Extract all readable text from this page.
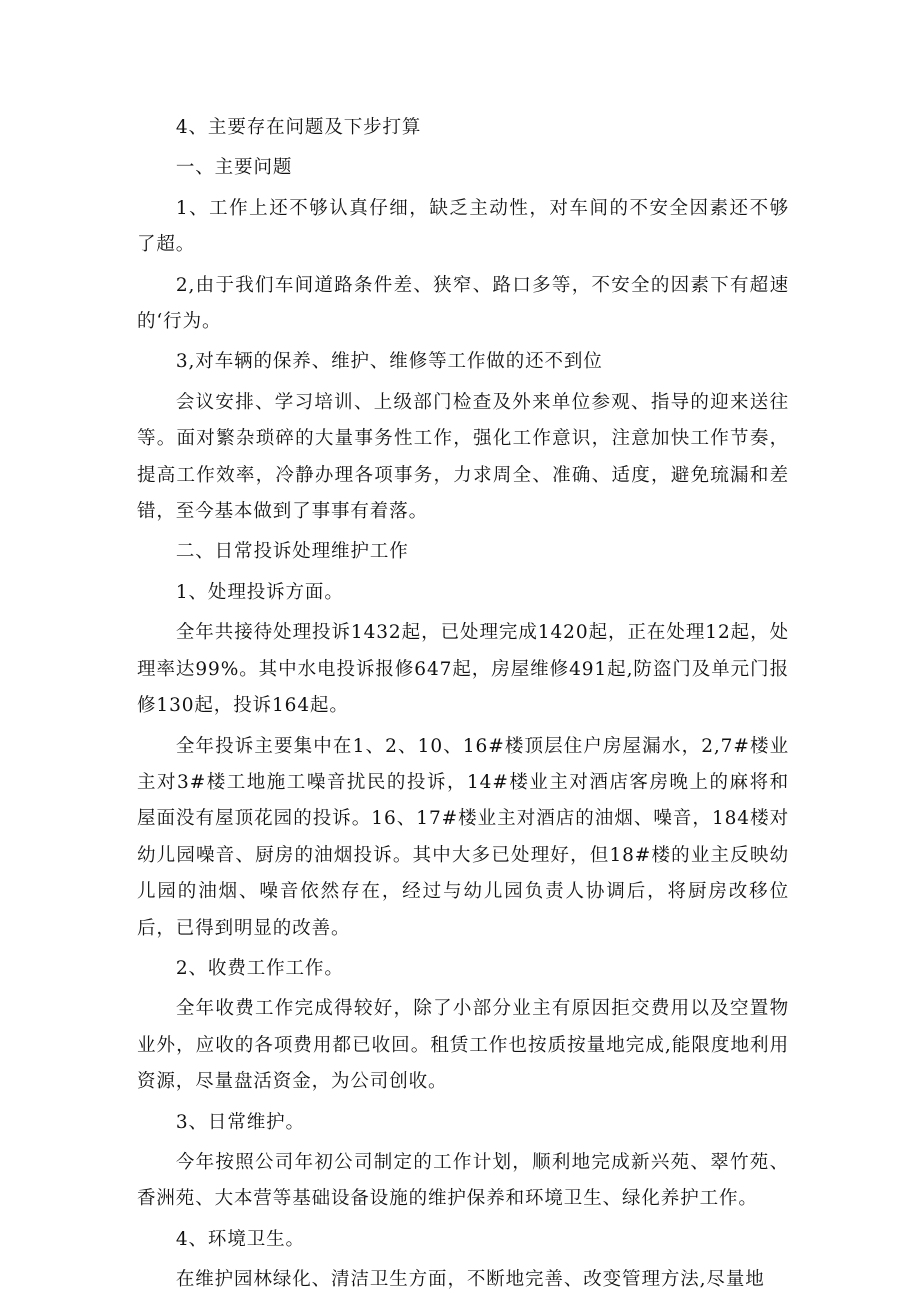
4、主要存在问题及下步打算

一、主要问题

1、工作上还不够认真仔细，缺乏主动性，对车间的不安全因素还不够了超。

2,由于我们车间道路条件差、狭窄、路口多等，不安全的因素下有超速的‘行为。

3,对车辆的保养、维护、维修等工作做的还不到位

会议安排、学习培训、上级部门检查及外来单位参观、指导的迎来送往等。面对繁杂琐碎的大量事务性工作，强化工作意识，注意加快工作节奏，提高工作效率，冷静办理各项事务，力求周全、准确、适度，避免琉漏和差错，至今基本做到了事事有着落。

二、日常投诉处理维护工作

1、处理投诉方面。

全年共接待处理投诉1432起，已处理完成1420起，正在处理12起，处理率达99%。其中水电投诉报修647起，房屋维修491起,防盗门及单元门报修130起，投诉164起。

全年投诉主要集中在1、2、10、16#楼顶层住户房屋漏水，2,7#楼业主对3#楼工地施工噪音扰民的投诉，14#楼业主对酒店客房晚上的麻将和屋面没有屋顶花园的投诉。16、17#楼业主对酒店的油烟、噪音，184楼对幼儿园噪音、厨房的油烟投诉。其中大多已处理好，但18#楼的业主反映幼儿园的油烟、噪音依然存在，经过与幼儿园负责人协调后，将厨房改移位后，已得到明显的改善。

2、收费工作工作。

全年收费工作完成得较好，除了小部分业主有原因拒交费用以及空置物业外，应收的各项费用都已收回。租赁工作也按质按量地完成,能限度地利用资源，尽量盘活资金，为公司创收。

3、日常维护。

今年按照公司年初公司制定的工作计划，顺利地完成新兴苑、翠竹苑、香洲苑、大本营等基础设备设施的维护保养和环境卫生、绿化养护工作。

4、环境卫生。

在维护园林绿化、清洁卫生方面，不断地完善、改变管理方法,尽量地
